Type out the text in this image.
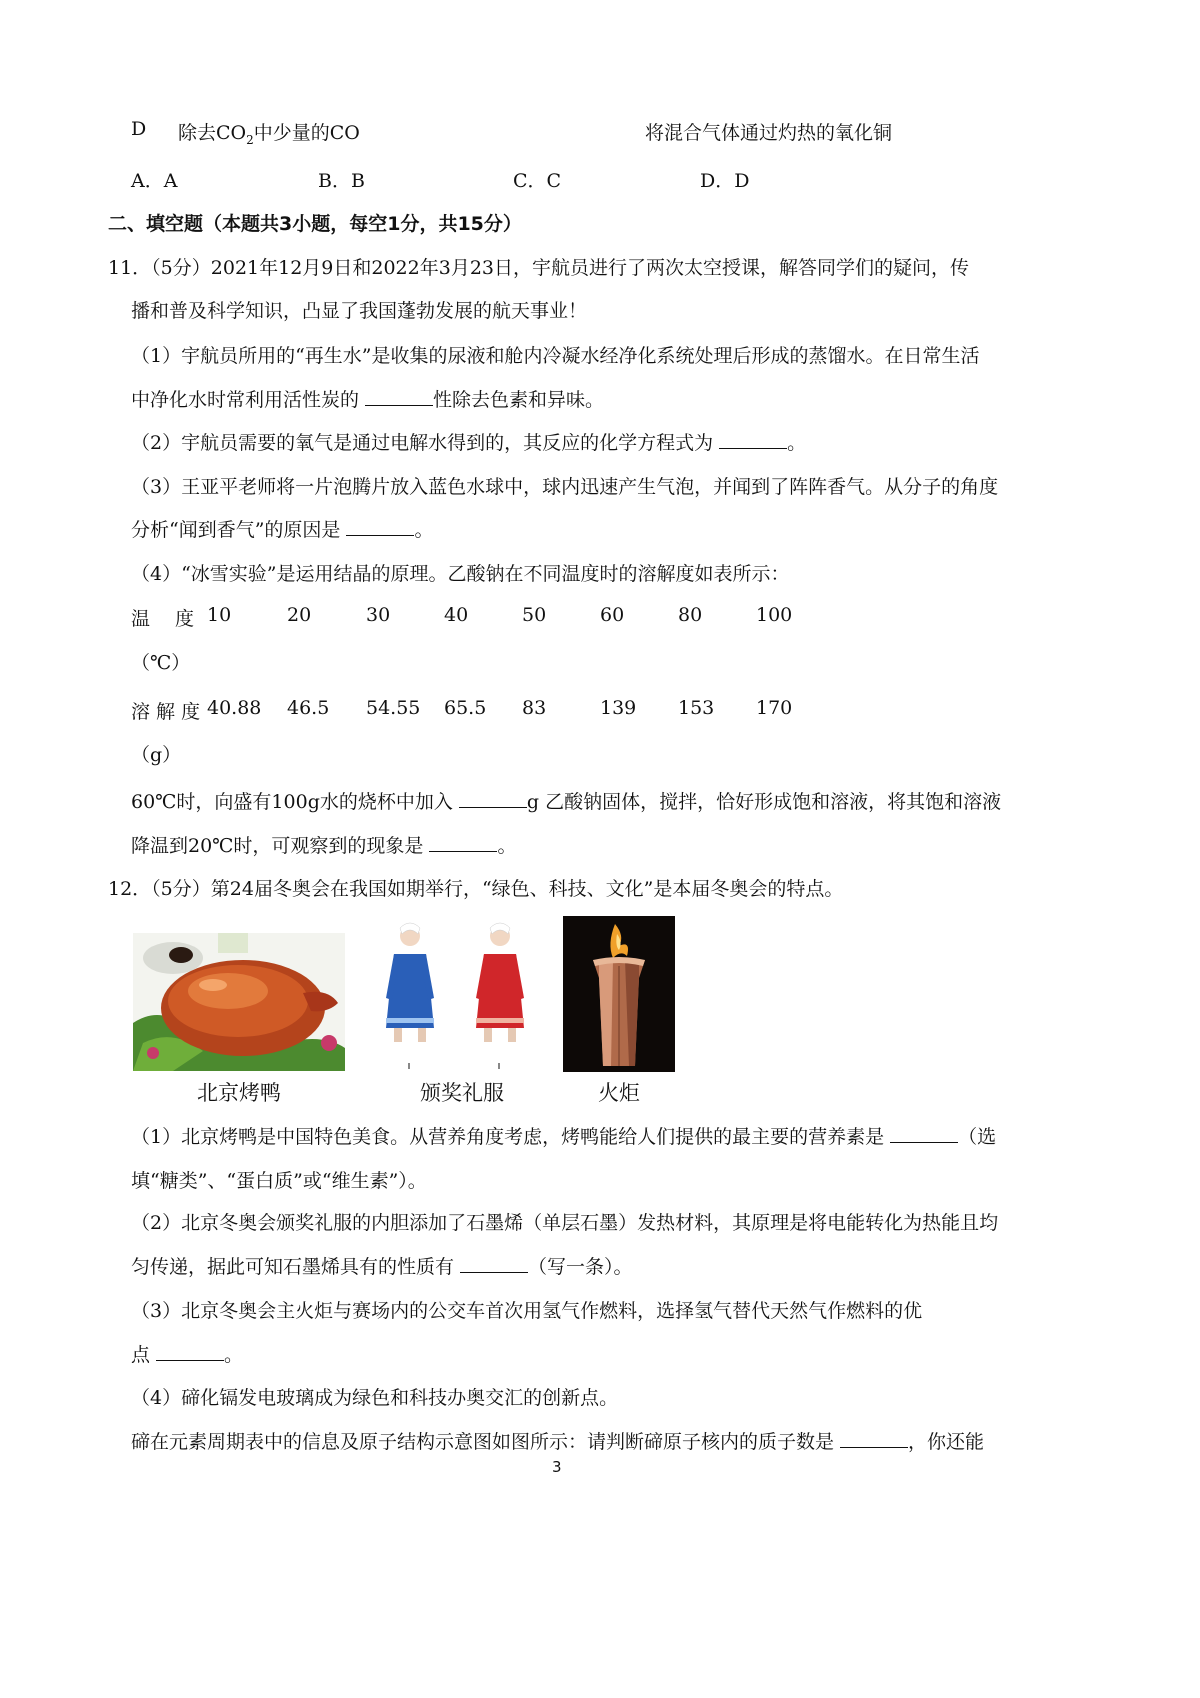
D 除去$CO_2$中少量的CO	将混合气体通过灼热的氧化铜
A．A	B．B	C．C	D．D
二、填空题（本题共3小题，每空1分，共15分）
11．（5分）2021年12月9日和2022年3月23日，宇航员进行了两次太空授课，解答同学们的疑问，传
播和普及科学知识，凸显了我国蓬勃发展的航天事业！
（1）宇航员所用的“再生水”是收集的尿液和舱内冷凝水经净化系统处理后形成的蒸馏水。在日常生活
中净化水时常利用活性炭的	性除去色素和异味。
（2）宇航员需要的氧气是通过电解水得到的，其反应的化学方程式为	。
（3）王亚平老师将一片泡腾片放入蓝色水球中，球内迅速产生气泡，并闻到了阵阵香气。从分子的角度
分析“闻到香气”的原因是	。
（4）“冰雪实验”是运用结晶的原理。乙酸钠在不同温度时的溶解度如表所示：
温　 度 10	20	30	40	50	60	80	100
（℃）
溶 解 度 40.88 46.5 54.55 65.5 83	139 153 170
（g）
60℃时，向盛有100g水的烧杯中加入	g 乙酸钠固体，搅拌，恰好形成饱和溶液，将其饱和溶液
降温到20℃时，可观察到的现象是	。
12．（5分）第24届冬奥会在我国如期举行，“绿色、科技、文化”是本届冬奥会的特点。
北京烤鸭	颁奖礼服	火炬
（1）北京烤鸭是中国特色美食。从营养角度考虑，烤鸭能给人们提供的最主要的营养素是	（选
填“糖类”、“蛋白质”或“维生素”）。
（2）北京冬奥会颁奖礼服的内胆添加了石墨烯（单层石墨）发热材料，其原理是将电能转化为热能且均
匀传递，据此可知石墨烯具有的性质有	（写一条）。
（3）北京冬奥会主火炬与赛场内的公交车首次用氢气作燃料，选择氢气替代天然气作燃料的优
点	。
（4）碲化镉发电玻璃成为绿色和科技办奥交汇的创新点。
碲在元素周期表中的信息及原子结构示意图如图所示：请判断碲原子核内的质子数是	，你还能
3
